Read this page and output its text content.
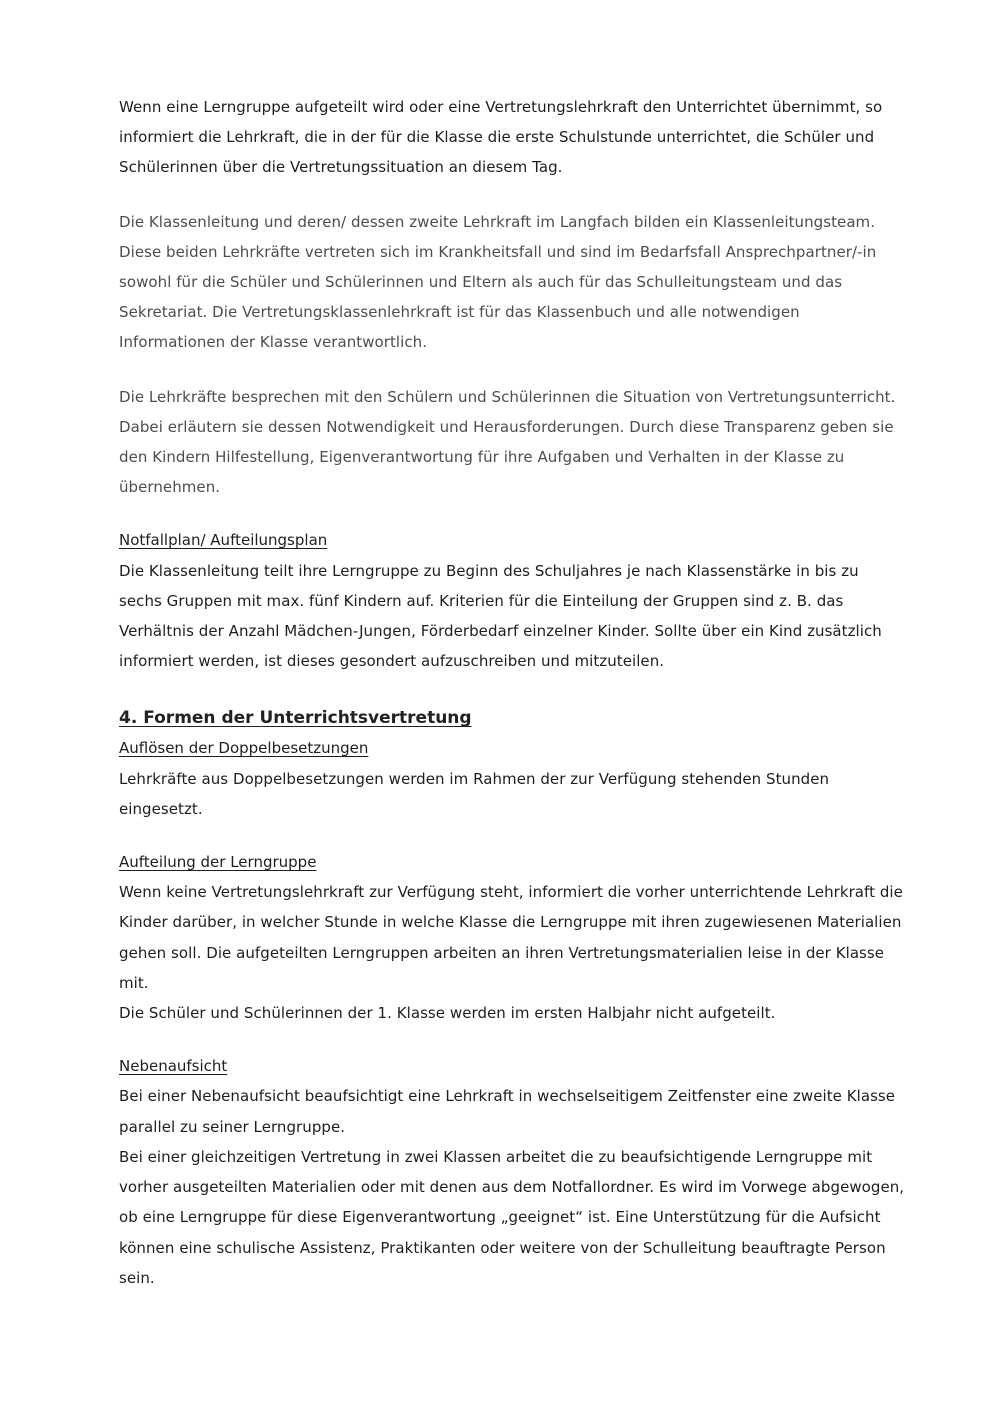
Wenn eine Lerngruppe aufgeteilt wird oder eine Vertretungslehrkraft den Unterrichtet übernimmt, so
informiert die Lehrkraft, die in der für die Klasse die erste Schulstunde unterrichtet, die Schüler und
Schülerinnen über die Vertretungssituation an diesem Tag.

Die Klassenleitung und deren/ dessen zweite Lehrkraft im Langfach bilden ein Klassenleitungsteam.
Diese beiden Lehrkräfte vertreten sich im Krankheitsfall und sind im Bedarfsfall Ansprechpartner/-in
sowohl für die Schüler und Schülerinnen und Eltern als auch für das Schulleitungsteam und das
Sekretariat. Die Vertretungsklassenlehrkraft ist für das Klassenbuch und alle notwendigen
Informationen der Klasse verantwortlich.

Die Lehrkräfte besprechen mit den Schülern und Schülerinnen die Situation von Vertretungsunterricht.
Dabei erläutern sie dessen Notwendigkeit und Herausforderungen. Durch diese Transparenz geben sie
den Kindern Hilfestellung, Eigenverantwortung für ihre Aufgaben und Verhalten in der Klasse zu
übernehmen.

Notfallplan/ Aufteilungsplan

Die Klassenleitung teilt ihre Lerngruppe zu Beginn des Schuljahres je nach Klassenstärke in bis zu
sechs Gruppen mit max. fünf Kindern auf. Kriterien für die Einteilung der Gruppen sind z. B. das
Verhältnis der Anzahl Mädchen-Jungen, Förderbedarf einzelner Kinder. Sollte über ein Kind zusätzlich
informiert werden, ist dieses gesondert aufzuschreiben und mitzuteilen.

4. Formen der Unterrichtsvertretung

Auflösen der Doppelbesetzungen

Lehrkräfte aus Doppelbesetzungen werden im Rahmen der zur Verfügung stehenden Stunden
eingesetzt.

Aufteilung der Lerngruppe

Wenn keine Vertretungslehrkraft zur Verfügung steht, informiert die vorher unterrichtende Lehrkraft die
Kinder darüber, in welcher Stunde in welche Klasse die Lerngruppe mit ihren zugewiesenen Materialien
gehen soll. Die aufgeteilten Lerngruppen arbeiten an ihren Vertretungsmaterialien leise in der Klasse
mit.
Die Schüler und Schülerinnen der 1. Klasse werden im ersten Halbjahr nicht aufgeteilt.

Nebenaufsicht

Bei einer Nebenaufsicht beaufsichtigt eine Lehrkraft in wechselseitigem Zeitfenster eine zweite Klasse
parallel zu seiner Lerngruppe.
Bei einer gleichzeitigen Vertretung in zwei Klassen arbeitet die zu beaufsichtigende Lerngruppe mit
vorher ausgeteilten Materialien oder mit denen aus dem Notfallordner. Es wird im Vorwege abgewogen,
ob eine Lerngruppe für diese Eigenverantwortung „geeignet“ ist. Eine Unterstützung für die Aufsicht
können eine schulische Assistenz, Praktikanten oder weitere von der Schulleitung beauftragte Person
sein.
